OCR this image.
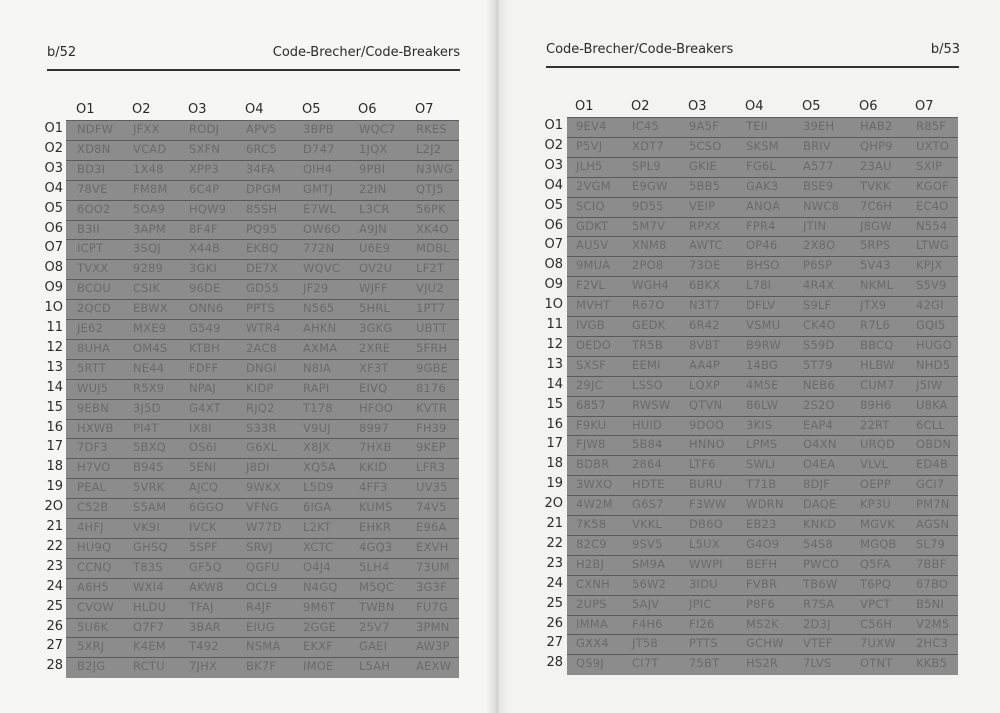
b/52	Code-Brecher/Code-Breakers
O1	O2	O3	O4	O5	O6	O7
O1 NDFW JFXX	RODJ APV5 3BPB WQC7 RKES
O2 XD8N VCAD SXFN 6RC5 D747 1JQX L2J2
O3 BD3I 1X48 XPP3 34FA QIH4 9PBI	N3WG
O4 78VE FM8M 6C4P DPGM GMTJ 22IN	QTJ5
O5 6OO2 5OA9 HQW9 85SH E7WL L3CR 56PK
O6 B3II	3APM 8F4F PQ95 OW6O A9JN	XK4O
O7 ICPT	3SQJ X44B EKBQ 772N U6E9 MDBL
O8 TVXX 9289 3GKI	DE7X WQVC OV2U LF2T
O9 BCOU CSIK	96DE GD55 JF29	WJFF VJU2
1O 2QCD EBWX ONN6 PPTS N565 5HRL 1PT7
11 JE62	MXE9 G549 WTR4 AHKN 3GKG UBTT
12 8UHA OM4S KTBH 2AC8 AXMA 2XRE 5FRH
13 5RTT NE44 FDFF DNGI N8IA XF3T 9GBE
14 WUJ5 R5X9 NPAJ	KIDP	RAPI	EIVQ 8176
15 9EBN 3J5D G4XT RJQ2 T178 HFOO KVTR
16 HXWB PI4T	IX8I	S33R V9UJ 8997 FH39
17 7DF3 5BXQ OS6I	G6XL X8JX 7HXB 9KEP
18 H7VO B945 5ENI	J8DI	XQ5A KKID	LFR3
19 PEAL 5VRK AJCQ 9WKX L5D9 4FF3 UV35
2O C52B S5AM 6GGO VFNG 6IGA KUMS 74V5
21 4HFJ	VK9I	IVCK	W77D L2KT EHKR E96A
22 HU9Q GHSQ 5SPF SRVJ	XCTC 4GQ3 EXVH
23 CCNQ T83S GF5Q QGFU O4J4 5LH4 73UM
24 A6H5 WXI4 AKW8 OCL9 N4GQ M5QC 3G3F
25 CVOW HLDU TFAJ	R4JF	9M6T TWBN FU7G
26 5U6K O7F7 3BAR EIUG 2GGE 25V7 3PMN
27 5XRJ K4EM T492 NSMA EKXF GAEI	AW3P
28 B2JG RCTU 7JHX	BK7F IMOE L5AH AEXW
Code-Brecher/Code-Breakers	b/53
O1	O2	O3	O4	O5	O6	O7
O1 9EV4 IC45	9A5F TEII	39EH HAB2 R85F
O2 P5VJ	XDT7 5CSO SKSM BRIV	QHP9 UXTO
O3 JLH5	SPL9 GKIE	FG6L A577 23AU SXIP
O4 2VGM E9GW 5BB5 GAK3 BSE9 TVKK KGOF
O5 SCIQ 9D55 VEIP	ANQA NWC8 7C6H EC4O
O6 GDKT 5M7V RPXX FPR4 JTIN	J8GW N554
O7 AU5V XNM8 AWTC OP46 2X8O 5RPS LTWG
O8 9MUA 2PO8 73DE BHSO P6SP 5V43 KPJX
O9 F2VL WGH4 6BKX L78I	4R4X NKML S5V9
1O MVHT R67O N3T7 DFLV S9LF JTX9	42GI
11 IVGB GEDK 6R42 VSMU CK4O R7L6 GQI5
12 OEDO TR5B 8VBT B9RW S59D BBCQ HUGO
13 SXSF EEMI AA4P 14BG 5T79 HLBW NHD5
14 29JC	LSSO LQXP 4M5E NEB6 CUM7 J5IW
15 6857 RWSW QTVN 86LW 2S2O 89H6 U8KA
16 F9KU HUID 9DOO 3KIS	EAP4 22RT 6CLL
17 FJW8 5B84 HNNO LPMS O4XN URQD OBDN
18 BDBR 2864 LTF6	SWLI O4EA VLVL ED4B
19 3WXQ HDTE BURU T71B 8DJF	OEPP GCI7
2O 4W2M G6S7 F3WW WDRN DAQE KP3U PM7N
21 7K58 VKKL DB6O EB23 KNKD MGVK AGSN
22 82C9 9SV5 L5UX G4O9 54S8 MGQB SL79
23 H2BJ SM9A WWPI BEFH PWCO Q5FA 7BBF
24 CXNH 56W2 3IDU FVBR TB6W T6PQ 67BO
25 2UPS 5AJV	JPIC	P8F6 R7SA VPCT B5NI
26 IMMA F4H6 FI26	MS2K 2D3J	C56H V2M5
27 GXX4 JT58	PTTS GCHW VTEF 7UXW 2HC3
28 QS9J CI7T	75BT HS2R 7LVS OTNT KKB5
